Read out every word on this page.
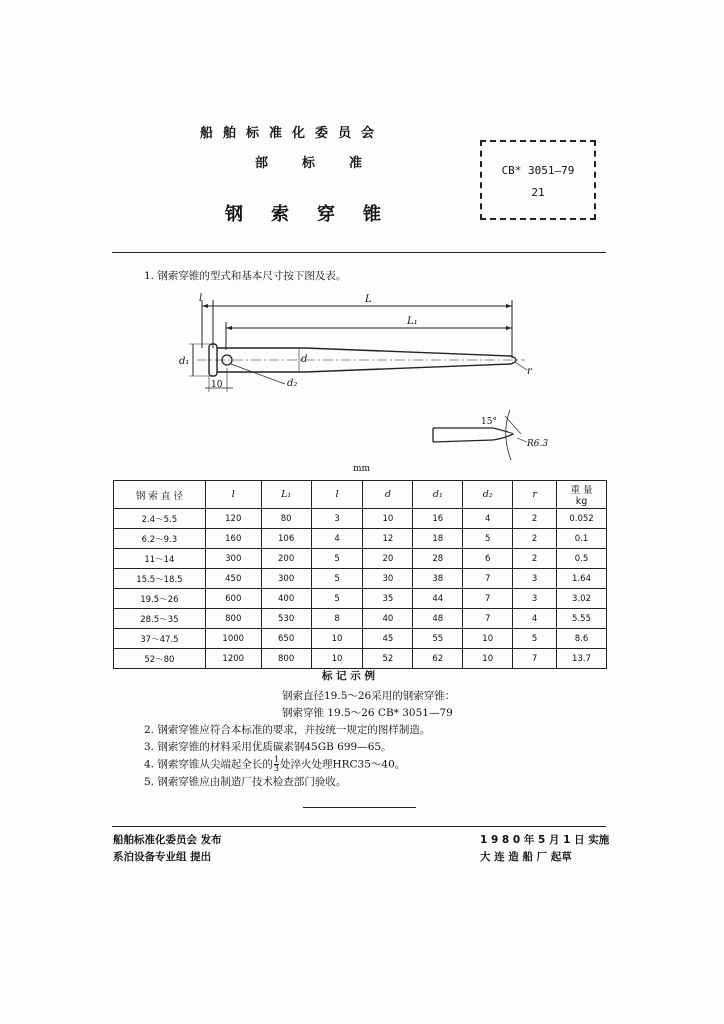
船舶标准化委员会
部	标	准
钢 索 穿 锥
CB* 3051—79
21
1. 钢索穿锥的型式和基本尺寸按下图及表。
l	L
L₁
d₁	d
d₂
10
r
15°
R6.3
mm
钢 索 直 径	l	L₁	l	d	d₁	d₂	r	重 量
kg

2.4～5.5	120	80	3	10	16	4	2	0.052
6.2～9.3	160	106	4	12	18	5	2	0.1
11～14	300	200	5	20	28	6	2	0.5
15.5～18.5	450	300	5	30	38	7	3	1.64
19.5～26	600	400	5	35	44	7	3	3.02
28.5～35	800	530	8	40	48	7	4	5.55
37～47.5	1000	650	10	45	55	10	5	8.6
52～80	1200	800	10	52	62	10	7	13.7
标 记 示 例
钢索直径19.5～26采用的钢索穿锥：
钢索穿锥 19.5～26 CB* 3051—79
2. 钢索穿锥应符合本标准的要求，并按统一规定的图样制造。
3. 钢索穿锥的材料采用优质碳素钢45GB 699—65。
4. 钢索穿锥从尖端起全长的 $\frac{1}{3}$ 处淬火处理HRC35～40。
5. 钢索穿锥应由制造厂技术检查部门验收。
船舶标准化委员会 发布
系泊设备专业组 提出
1 9 8 0 年 5 月 1 日 实施
大 连 造 船 厂 起草
